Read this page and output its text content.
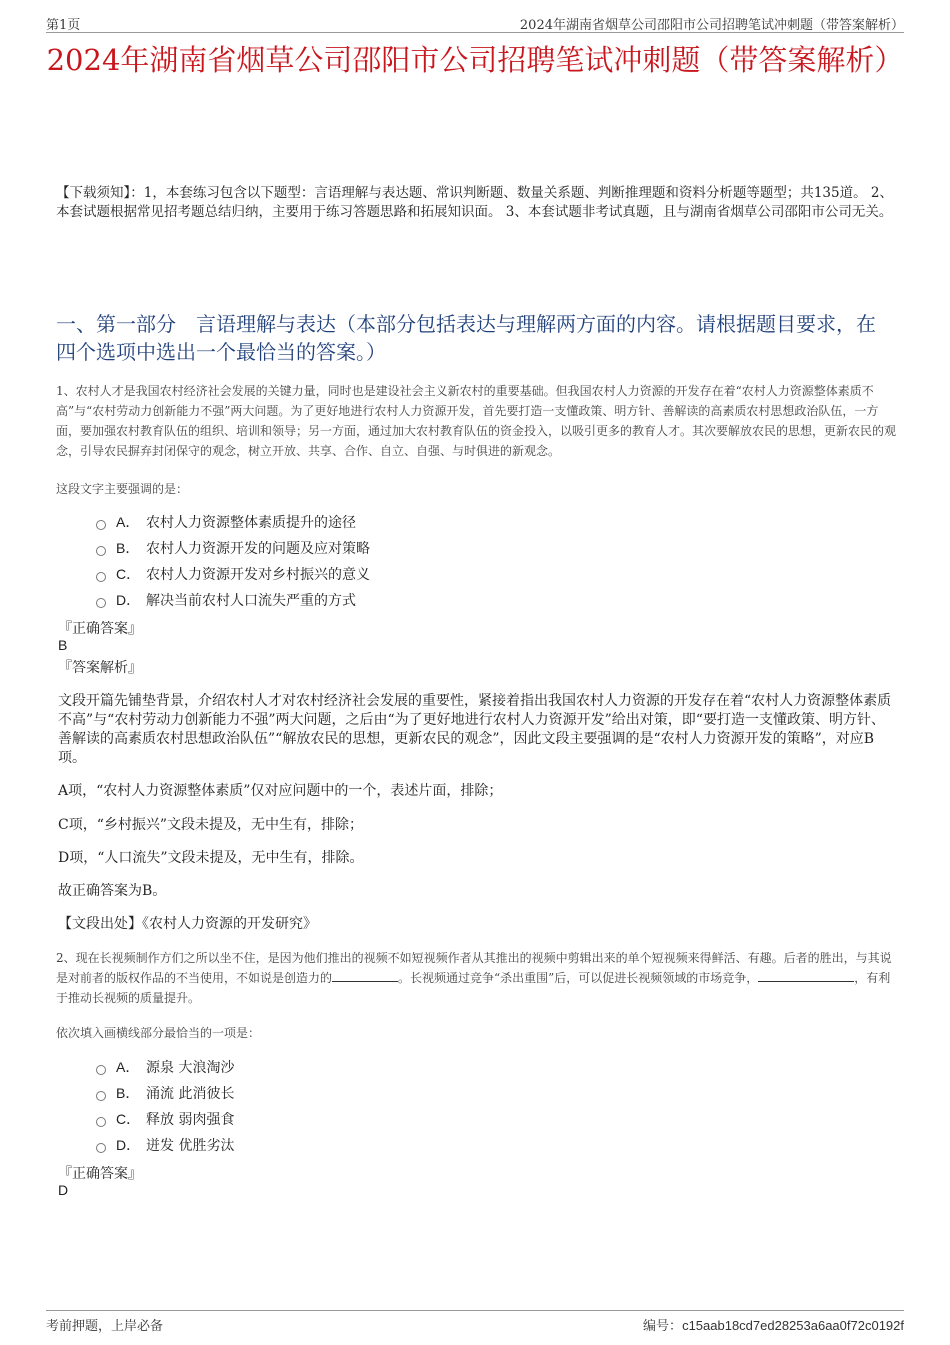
第1页	2024年湖南省烟草公司邵阳市公司招聘笔试冲刺题（带答案解析）
2024年湖南省烟草公司邵阳市公司招聘笔试冲刺题（带答案解析）
【下载须知】：1，本套练习包含以下题型：言语理解与表达题、常识判断题、数量关系题、判断推理题和资料分析题等题型；共135道。 2、本套试题根据常见招考题总结归纳，主要用于练习答题思路和拓展知识面。 3、本套试题非考试真题，且与湖南省烟草公司邵阳市公司无关。
一、第一部分　言语理解与表达（本部分包括表达与理解两方面的内容。请根据题目要求，在四个选项中选出一个最恰当的答案。）
1、农村人才是我国农村经济社会发展的关键力量，同时也是建设社会主义新农村的重要基础。但我国农村人力资源的开发存在着“农村人力资源整体素质不高”与“农村劳动力创新能力不强”两大问题。为了更好地进行农村人力资源开发，首先要打造一支懂政策、明方针、善解读的高素质农村思想政治队伍，一方面，要加强农村教育队伍的组织、培训和领导；另一方面，通过加大农村教育队伍的资金投入，以吸引更多的教育人才。其次要解放农民的思想，更新农民的观念，引导农民摒弃封闭保守的观念，树立开放、共享、合作、自立、自强、与时俱进的新观念。
这段文字主要强调的是：
A． 农村人力资源整体素质提升的途径
B． 农村人力资源开发的问题及应对策略
C． 农村人力资源开发对乡村振兴的意义
D． 解决当前农村人口流失严重的方式
『正确答案』
B
『答案解析』
文段开篇先铺垫背景，介绍农村人才对农村经济社会发展的重要性，紧接着指出我国农村人力资源的开发存在着“农村人力资源整体素质不高”与“农村劳动力创新能力不强”两大问题，之后由“为了更好地进行农村人力资源开发”给出对策，即“要打造一支懂政策、明方针、善解读的高素质农村思想政治队伍”“解放农民的思想，更新农民的观念”，因此文段主要强调的是“农村人力资源开发的策略”，对应B项。
A项，“农村人力资源整体素质”仅对应问题中的一个，表述片面，排除；
C项，“乡村振兴”文段未提及，无中生有，排除；
D项，“人口流失”文段未提及，无中生有，排除。
故正确答案为B。
【文段出处】《农村人力资源的开发研究》
2、现在长视频制作方们之所以坐不住，是因为他们推出的视频不如短视频作者从其推出的视频中剪辑出来的单个短视频来得鲜活、有趣。后者的胜出，与其说是对前者的版权作品的不当使用，不如说是创造力的	。长视频通过竞争“杀出重围”后，可以促进长视频领域的市场竞争，	，有利于推动长视频的质量提升。
依次填入画横线部分最恰当的一项是：
A． 源泉 大浪淘沙
B． 涌流 此消彼长
C． 释放 弱肉强食
D． 迸发 优胜劣汰
『正确答案』
D
考前押题，上岸必备	编号：c15aab18cd7ed28253a6aa0f72c0192f
